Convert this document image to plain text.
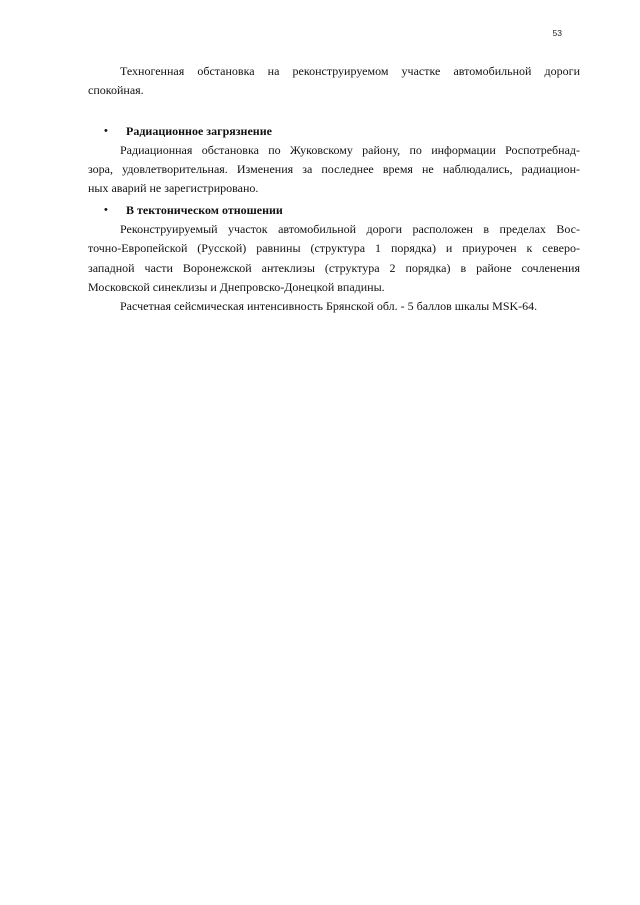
53
Техногенная обстановка на реконструируемом участке автомобильной дороги
спокойная.
• Радиационное загрязнение
Радиационная обстановка по Жуковскому району, по информации Роспотребнад-
зора, удовлетворительная. Изменения за последнее время не наблюдались, радиацион-
ных аварий не зарегистрировано.
• В тектоническом отношении
Реконструируемый участок автомобильной дороги расположен в пределах Вос-
точно-Европейской (Русской) равнины (структура 1 порядка) и приурочен к северо-
западной части Воронежской антеклизы (структура 2 порядка) в районе сочленения
Московской синеклизы и Днепровско-Донецкой впадины.
Расчетная сейсмическая интенсивность Брянской обл. - 5 баллов шкалы MSK-64.
